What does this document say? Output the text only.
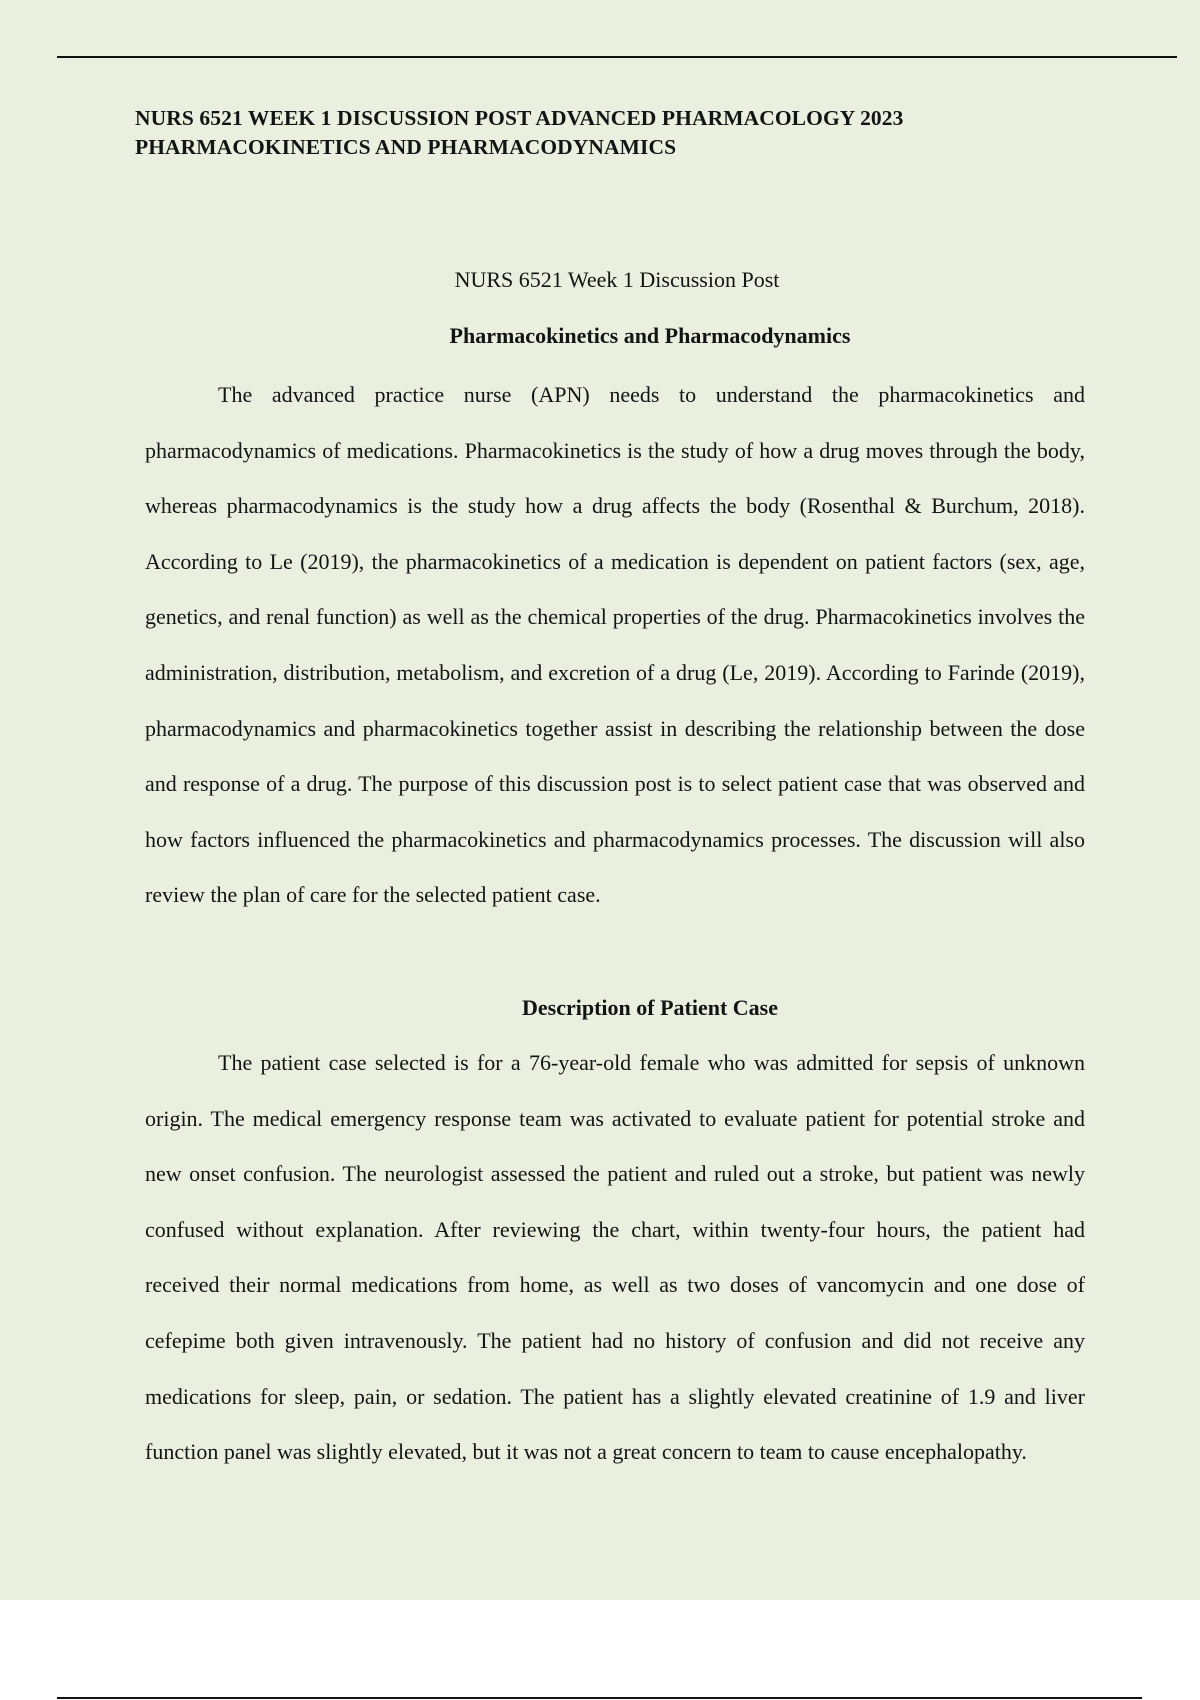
NURS 6521 WEEK 1 DISCUSSION POST ADVANCED PHARMACOLOGY 2023
PHARMACOKINETICS AND PHARMACODYNAMICS

NURS 6521 Week 1 Discussion Post

Pharmacokinetics and Pharmacodynamics

The advanced practice nurse (APN) needs to understand the pharmacokinetics and pharmacodynamics of medications. Pharmacokinetics is the study of how a drug moves through the body, whereas pharmacodynamics is the study how a drug affects the body (Rosenthal & Burchum, 2018). According to Le (2019), the pharmacokinetics of a medication is dependent on patient factors (sex, age, genetics, and renal function) as well as the chemical properties of the drug. Pharmacokinetics involves the administration, distribution, metabolism, and excretion of a drug (Le, 2019). According to Farinde (2019), pharmacodynamics and pharmacokinetics together assist in describing the relationship between the dose and response of a drug. The purpose of this discussion post is to select patient case that was observed and how factors influenced the pharmacokinetics and pharmacodynamics processes. The discussion will also review the plan of care for the selected patient case.

Description of Patient Case

The patient case selected is for a 76-year-old female who was admitted for sepsis of unknown origin. The medical emergency response team was activated to evaluate patient for potential stroke and new onset confusion. The neurologist assessed the patient and ruled out a stroke, but patient was newly confused without explanation. After reviewing the chart, within twenty-four hours, the patient had received their normal medications from home, as well as two doses of vancomycin and one dose of cefepime both given intravenously. The patient had no history of confusion and did not receive any medications for sleep, pain, or sedation. The patient has a slightly elevated creatinine of 1.9 and liver function panel was slightly elevated, but it was not a great concern to team to cause encephalopathy.
